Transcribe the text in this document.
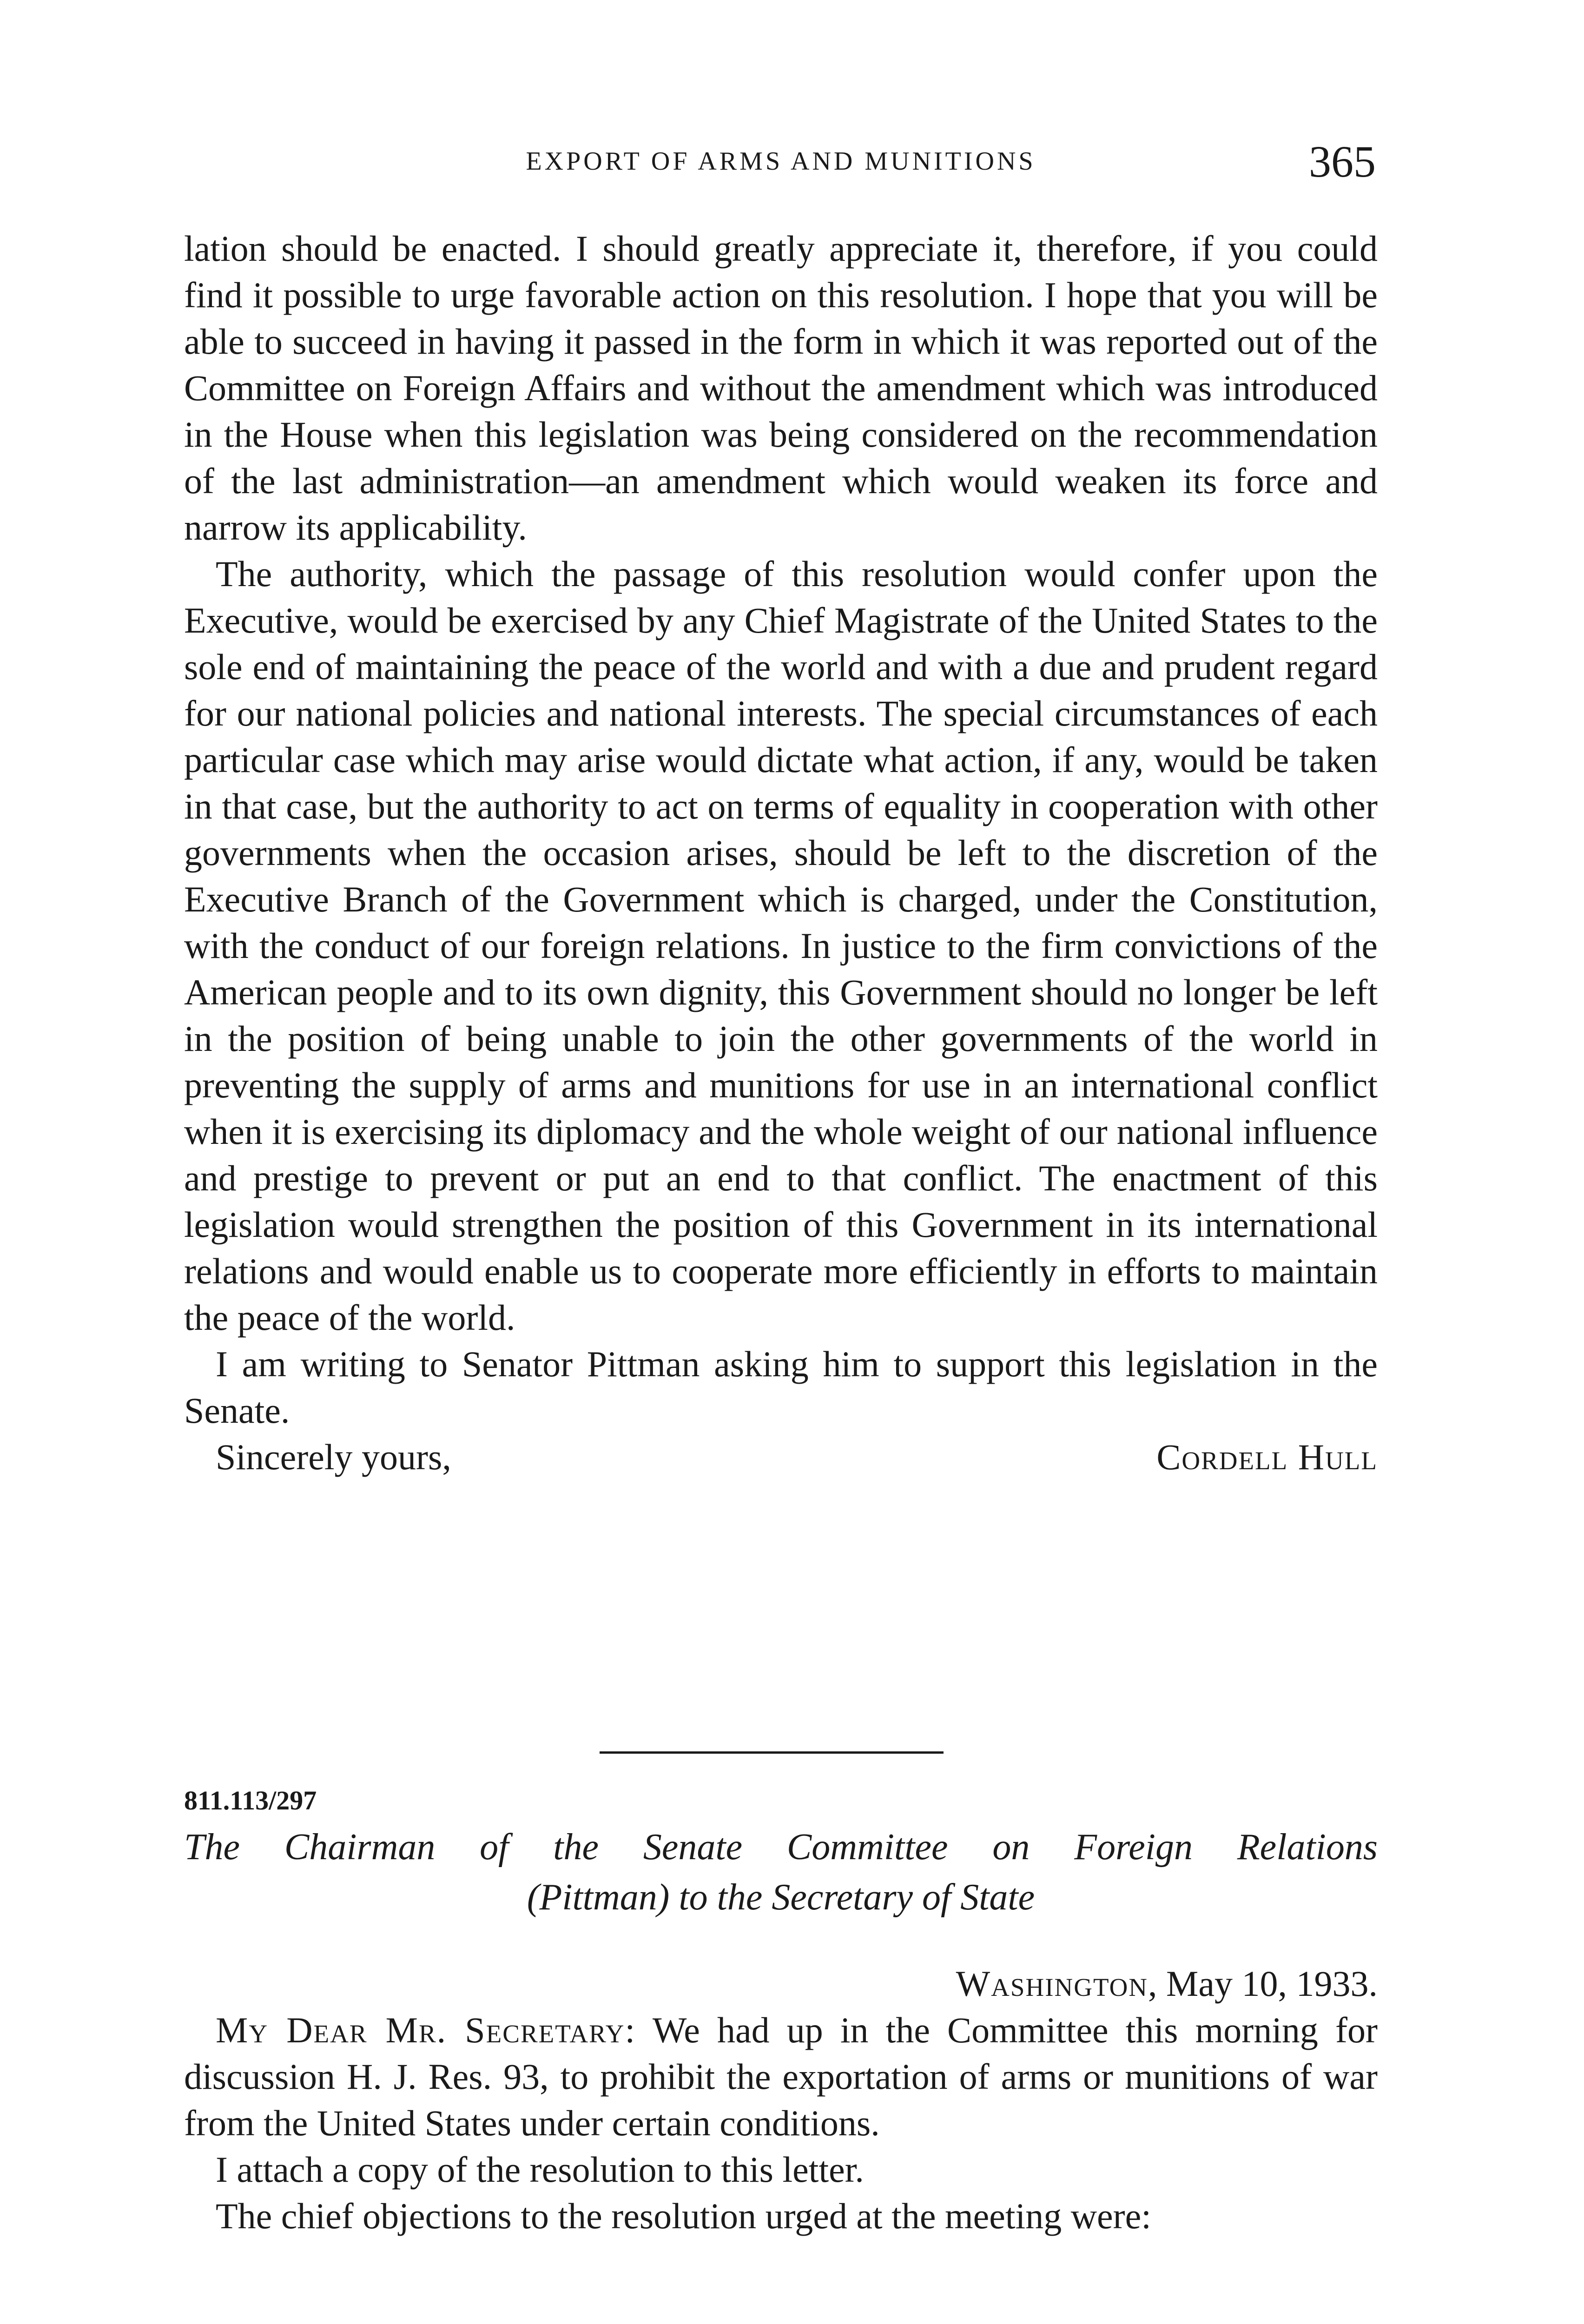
EXPORT OF ARMS AND MUNITIONS	365

lation should be enacted. I should greatly appreciate it, therefore, if you could find it possible to urge favorable action on this resolution. I hope that you will be able to succeed in having it passed in the form in which it was reported out of the Committee on Foreign Affairs and without the amendment which was introduced in the House when this legislation was being considered on the recommendation of the last administration—an amendment which would weaken its force and narrow its applicability.

The authority, which the passage of this resolution would confer upon the Executive, would be exercised by any Chief Magistrate of the United States to the sole end of maintaining the peace of the world and with a due and prudent regard for our national policies and national interests. The special circumstances of each particular case which may arise would dictate what action, if any, would be taken in that case, but the authority to act on terms of equality in cooperation with other governments when the occasion arises, should be left to the discretion of the Executive Branch of the Government which is charged, under the Constitution, with the conduct of our foreign relations. In justice to the firm convictions of the American people and to its own dignity, this Government should no longer be left in the position of being unable to join the other governments of the world in preventing the supply of arms and munitions for use in an international conflict when it is exercising its diplomacy and the whole weight of our national influence and prestige to prevent or put an end to that conflict. The enactment of this legislation would strengthen the position of this Government in its international relations and would enable us to cooperate more efficiently in efforts to maintain the peace of the world.

I am writing to Senator Pittman asking him to support this legislation in the Senate.

Sincerely yours,	Cordell Hull
811.113/297
The Chairman of the Senate Committee on Foreign Relations
(Pittman) to the Secretary of State

Washington, May 10, 1933.

My Dear Mr. Secretary: We had up in the Committee this morning for discussion H. J. Res. 93, to prohibit the exportation of arms or munitions of war from the United States under certain conditions.

I attach a copy of the resolution to this letter.

The chief objections to the resolution urged at the meeting were:
